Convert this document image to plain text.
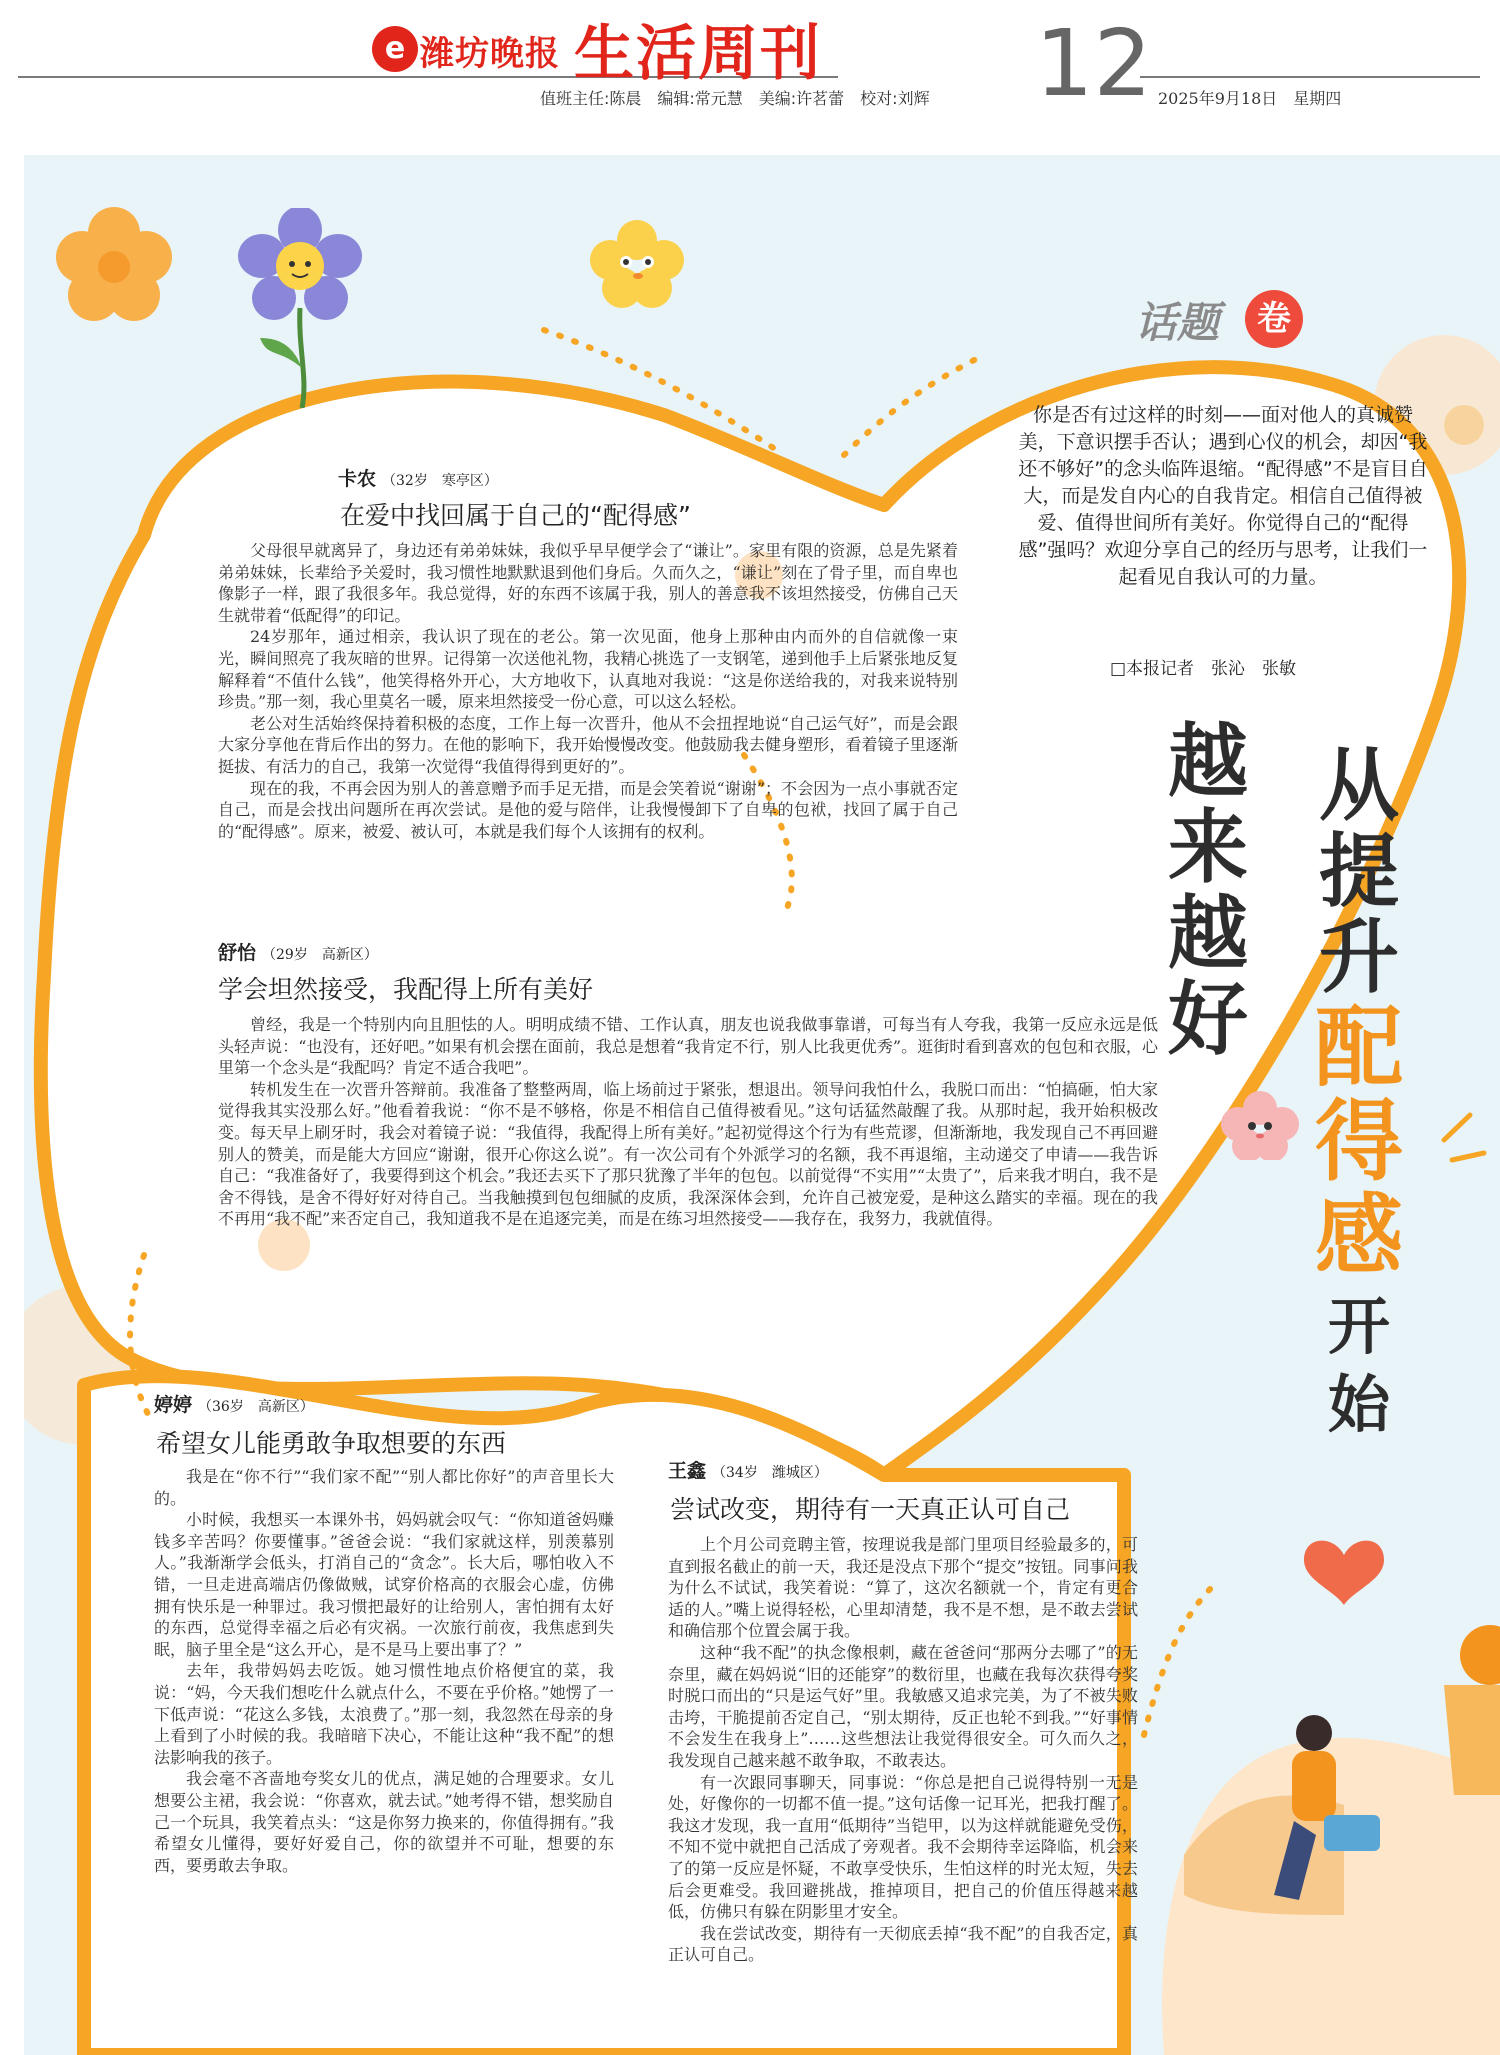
e 潍坊晚报 生活周刊 12
值班主任:陈晨　编辑:常元慧　美编:许茗蕾　校对:刘辉	2025年9月18日　星期四
话题	卷
你是否有过这样的时刻——面对他人的真诚赞美，下意识摆手否认；遇到心仪的机会，却因“我还不够好”的念头临阵退缩。“配得感”不是盲目自大，而是发自内心的自我肯定。相信自己值得被爱、值得世间所有美好。你觉得自己的“配得感”强吗？欢迎分享自己的经历与思考，让我们一起看见自我认可的力量。
□本报记者　张沁　张敏
越
来
越
好
从
提
升
配
得
感
开
始
卡农 （32岁　寒亭区）
在爱中找回属于自己的“配得感”

父母很早就离异了，身边还有弟弟妹妹，我似乎早早便学会了“谦让”。家里有限的资源，总是先紧着弟弟妹妹，长辈给予关爱时，我习惯性地默默退到他们身后。久而久之，“谦让”刻在了骨子里，而自卑也像影子一样，跟了我很多年。我总觉得，好的东西不该属于我，别人的善意我不该坦然接受，仿佛自己天生就带着“低配得”的印记。

24岁那年，通过相亲，我认识了现在的老公。第一次见面，他身上那种由内而外的自信就像一束光，瞬间照亮了我灰暗的世界。记得第一次送他礼物，我精心挑选了一支钢笔，递到他手上后紧张地反复解释着“不值什么钱”，他笑得格外开心，大方地收下，认真地对我说：“这是你送给我的，对我来说特别珍贵。”那一刻，我心里莫名一暖，原来坦然接受一份心意，可以这么轻松。

老公对生活始终保持着积极的态度，工作上每一次晋升，他从不会扭捏地说“自己运气好”，而是会跟大家分享他在背后作出的努力。在他的影响下，我开始慢慢改变。他鼓励我去健身塑形，看着镜子里逐渐挺拔、有活力的自己，我第一次觉得“我值得得到更好的”。

现在的我，不再会因为别人的善意赠予而手足无措，而是会笑着说“谢谢”；不会因为一点小事就否定自己，而是会找出问题所在再次尝试。是他的爱与陪伴，让我慢慢卸下了自卑的包袱，找回了属于自己的“配得感”。原来，被爱、被认可，本就是我们每个人该拥有的权利。

舒怡 （29岁　高新区）
学会坦然接受，我配得上所有美好

曾经，我是一个特别内向且胆怯的人。明明成绩不错、工作认真，朋友也说我做事靠谱，可每当有人夸我，我第一反应永远是低头轻声说：“也没有，还好吧。”如果有机会摆在面前，我总是想着“我肯定不行，别人比我更优秀”。逛街时看到喜欢的包包和衣服，心里第一个念头是“我配吗？肯定不适合我吧”。

转机发生在一次晋升答辩前。我准备了整整两周，临上场前过于紧张，想退出。领导问我怕什么，我脱口而出：“怕搞砸，怕大家觉得我其实没那么好。”他看着我说：“你不是不够格，你是不相信自己值得被看见。”这句话猛然敲醒了我。从那时起，我开始积极改变。每天早上刷牙时，我会对着镜子说：“我值得，我配得上所有美好。”起初觉得这个行为有些荒谬，但渐渐地，我发现自己不再回避别人的赞美，而是能大方回应“谢谢，很开心你这么说”。有一次公司有个外派学习的名额，我不再退缩，主动递交了申请——我告诉自己：“我准备好了，我要得到这个机会。”我还去买下了那只犹豫了半年的包包。以前觉得“不实用”“太贵了”，后来我才明白，我不是舍不得钱，是舍不得好好对待自己。当我触摸到包包细腻的皮质，我深深体会到，允许自己被宠爱，是种这么踏实的幸福。现在的我不再用“我不配”来否定自己，我知道我不是在追逐完美，而是在练习坦然接受——我存在，我努力，我就值得。

婷婷 （36岁　高新区）
希望女儿能勇敢争取想要的东西

我是在“你不行”“我们家不配”“别人都比你好”的声音里长大的。

小时候，我想买一本课外书，妈妈就会叹气：“你知道爸妈赚钱多辛苦吗？你要懂事。”爸爸会说：“我们家就这样，别羡慕别人。”我渐渐学会低头，打消自己的“贪念”。长大后，哪怕收入不错，一旦走进高端店仍像做贼，试穿价格高的衣服会心虚，仿佛拥有快乐是一种罪过。我习惯把最好的让给别人，害怕拥有太好的东西，总觉得幸福之后必有灾祸。一次旅行前夜，我焦虑到失眠，脑子里全是“这么开心，是不是马上要出事了？”

去年，我带妈妈去吃饭。她习惯性地点价格便宜的菜，我说：“妈，今天我们想吃什么就点什么，不要在乎价格。”她愣了一下低声说：“花这么多钱，太浪费了。”那一刻，我忽然在母亲的身上看到了小时候的我。我暗暗下决心，不能让这种“我不配”的想法影响我的孩子。

我会毫不吝啬地夸奖女儿的优点，满足她的合理要求。女儿想要公主裙，我会说：“你喜欢，就去试。”她考得不错，想奖励自己一个玩具，我笑着点头：“这是你努力换来的，你值得拥有。”我希望女儿懂得，要好好爱自己，你的欲望并不可耻，想要的东西，要勇敢去争取。

王鑫 （34岁　潍城区）
尝试改变，期待有一天真正认可自己

上个月公司竞聘主管，按理说我是部门里项目经验最多的，可直到报名截止的前一天，我还是没点下那个“提交”按钮。同事问我为什么不试试，我笑着说：“算了，这次名额就一个，肯定有更合适的人。”嘴上说得轻松，心里却清楚，我不是不想，是不敢去尝试和确信那个位置会属于我。

这种“我不配”的执念像根刺，藏在爸爸问“那两分去哪了”的无奈里，藏在妈妈说“旧的还能穿”的数衍里，也藏在我每次获得夸奖时脱口而出的“只是运气好”里。我敏感又追求完美，为了不被失败击垮，干脆提前否定自己，“别太期待，反正也轮不到我。”“好事情不会发生在我身上”……这些想法让我觉得很安全。可久而久之，我发现自己越来越不敢争取，不敢表达。

有一次跟同事聊天，同事说：“你总是把自己说得特别一无是处，好像你的一切都不值一提。”这句话像一记耳光，把我打醒了。我这才发现，我一直用“低期待”当铠甲，以为这样就能避免受伤，不知不觉中就把自己活成了旁观者。我不会期待幸运降临，机会来了的第一反应是怀疑，不敢享受快乐，生怕这样的时光太短，失去后会更难受。我回避挑战，推掉项目，把自己的价值压得越来越低，仿佛只有躲在阴影里才安全。

我在尝试改变，期待有一天彻底丢掉“我不配”的自我否定，真正认可自己。
